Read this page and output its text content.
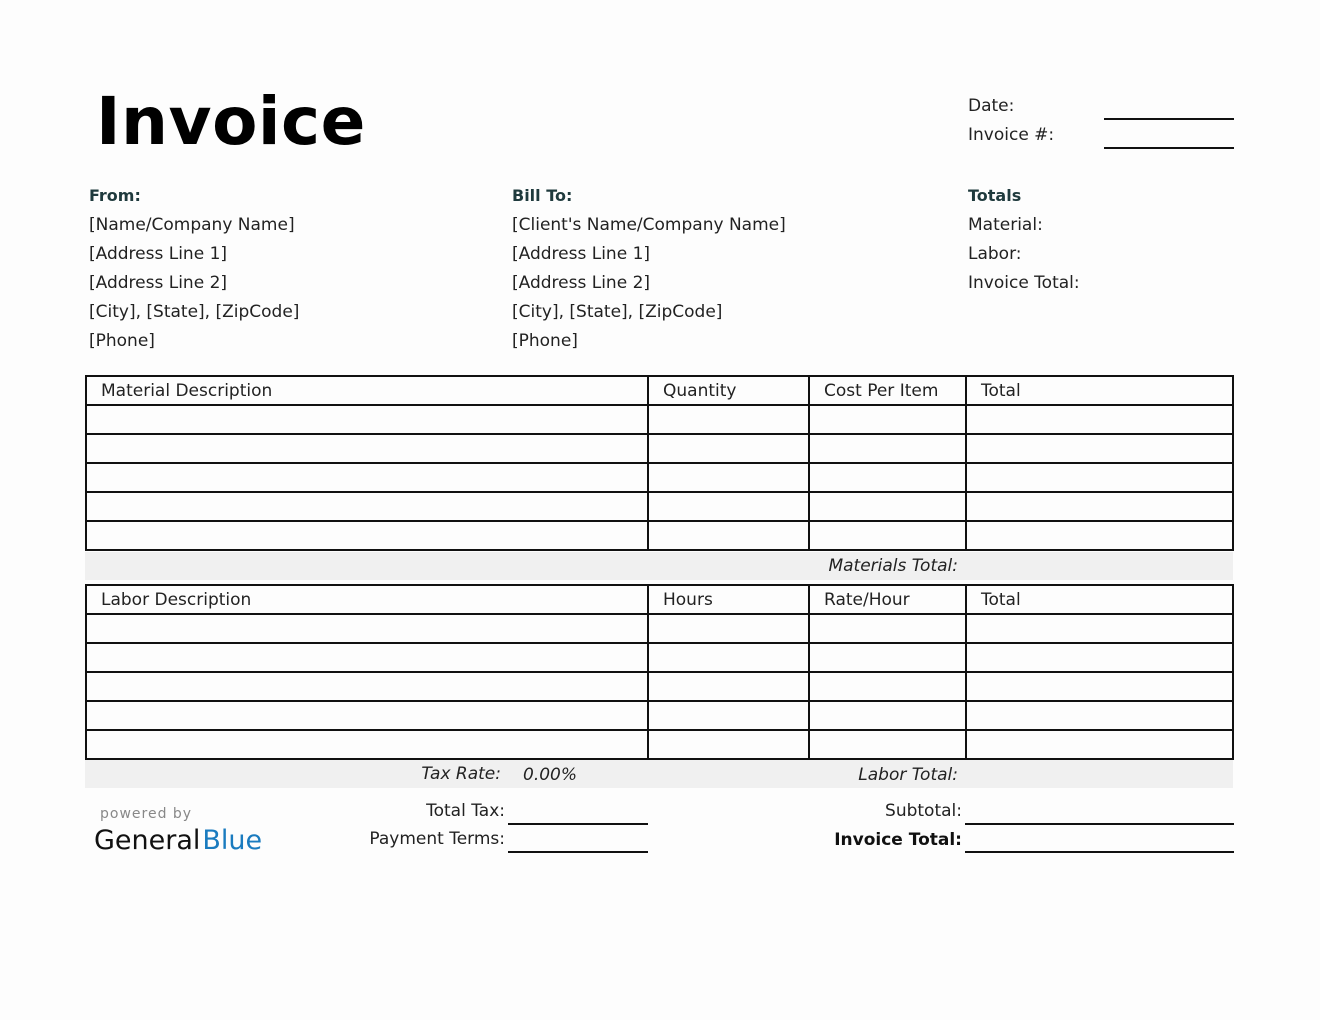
Invoice	Date:
Invoice #:
From:
[Name/Company Name]
[Address Line 1]
[Address Line 2]
[City], [State], [ZipCode]
[Phone]
Bill To:
[Client's Name/Company Name]
[Address Line 1]
[Address Line 2]
[City], [State], [ZipCode]
[Phone]
Totals
Material:
Labor:
Invoice Total:
Material Description	Quantity	Cost Per Item	Total

Materials Total:
Labor Description	Hours	Rate/Hour	Total

Tax Rate: 0.00%	Labor Total:
Total Tax:
Payment Terms:
Subtotal:
Invoice Total:
powered by
GeneralBlue
